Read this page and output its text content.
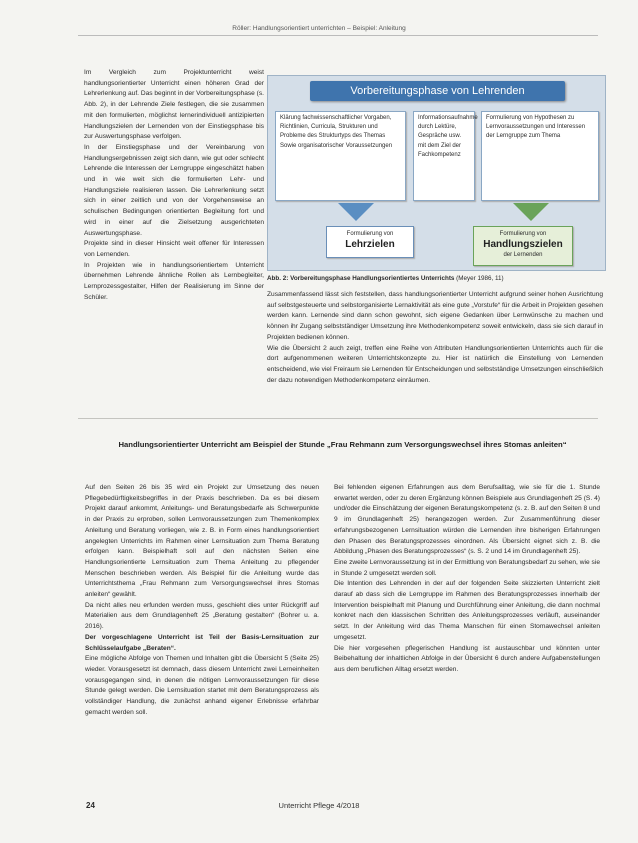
Röller: Handlungsorientiert unterrichten – Beispiel: Anleitung

Im Vergleich zum Projektunterricht weist handlungsorientierter Unterricht einen höheren Grad der Lehrerlenkung auf. Das beginnt in der Vorbereitungsphase (s. Abb. 2), in der Lehrende Ziele festlegen, die sie zusammen mit den formulierten, möglichst lernerindividuell antizipierten Handlungszielen der Lernenden von der Einstiegsphase bis zur Auswertungsphase verfolgen.

In der Einstiegsphase und der Vereinbarung von Handlungsergebnissen zeigt sich dann, wie gut oder schlecht Lehrende die Interessen der Lerngruppe eingeschätzt haben und in wie weit sich die formulierten Lehr- und Handlungsziele realisieren lassen. Die Lehrerlenkung setzt sich in einer zeitlich und von der Vorgehensweise an schulischen Bedingungen orientierten Begleitung fort und wird in einer auf die Zielsetzung ausgerichteten Auswertungsphase.

Projekte sind in dieser Hinsicht weit offener für Interessen von Lernenden.

In Projekten wie in handlungsorientiertem Unterricht übernehmen Lehrende ähnliche Rollen als Lernbegleiter, Lernprozessgestalter, Hilfen der Realisierung im Sinne der Schüler.

Vorbereitungsphase von Lehrenden
Klärung fachwissenschaftlicher Vorgaben, Richtlinien, Curricula, Strukturen und Probleme des Strukturtyps des Themas Sowie organisatorischer Voraussetzungen
Informationsaufnahme durch Lektüre, Gespräche usw. mit dem Ziel der Fachkompetenz
Formulierung von Hypothesen zu Lernvoraussetzungen und Interessen der Lerngruppe zum Thema
Formulierung von
Lehrzielen
Formulierung von
Handlungszielen
der Lernenden
Abb. 2: Vorbereitungsphase Handlungsorientiertes Unterrichts (Meyer 1986, 11)

Zusammenfassend lässt sich feststellen, dass handlungsorientierter Unterricht aufgrund seiner hohen Ausrichtung auf selbstgesteuerte und selbstorganisierte Lernaktivität als eine gute „Vorstufe“ für die Arbeit in Projekten gesehen werden kann. Lernende sind dann schon gewohnt, sich eigene Gedanken über Lernwünsche zu machen und können ihr Zugang selbstständiger Umsetzung ihre Methodenkompetenz soweit entwickeln, dass sie sich darauf in Projekten bedienen können.

Wie die Übersicht 2 auch zeigt, treffen eine Reihe von Attributen Handlungsorientierten Unterrichts auch für die dort aufgenommenen weiteren Unterrichtskonzepte zu. Hier ist natürlich die Einstellung von Lernenden entscheidend, wie viel Freiraum sie Lernenden für Entscheidungen und selbstständige Umsetzungen einschließlich der dazu notwendigen Methodenkompetenz einräumen.

Handlungsorientierter Unterricht am Beispiel der Stunde „Frau Rehmann zum Versorgungswechsel ihres Stomas anleiten“

Auf den Seiten 26 bis 35 wird ein Projekt zur Umsetzung des neuen Pflegebedürftigkeitsbegriffes in der Praxis beschrieben. Da es bei diesem Projekt darauf ankommt, Anleitungs- und Beratungsbedarfe als Schwerpunkte in der Praxis zu erproben, sollen Lernvoraussetzungen zum Themenkomplex Anleitung und Beratung vorliegen, wie z. B. in Form eines handlungsorientiert angelegten Unterrichts im Rahmen einer Lernsituation zum Thema Beratung erfolgen kann. Beispielhaft soll auf den nächsten Seiten eine Handlungsorientierte Lernsituation zum Thema Anleitung zu pflegender Menschen beschrieben werden. Als Beispiel für die Anleitung wurde das Unterrichtsthema „Frau Rehmann zum Versorgungswechsel ihres Stomas anleiten“ gewählt.

Da nicht alles neu erfunden werden muss, geschieht dies unter Rückgriff auf Materialien aus dem Grundlagenheft 25 „Beratung gestalten“ (Bohrer u. a. 2016).

Der vorgeschlagene Unterricht ist Teil der Basis-Lernsituation zur Schlüsselaufgabe „Beraten“.

Eine mögliche Abfolge von Themen und Inhalten gibt die Übersicht 5 (Seite 25) wieder. Vorausgesetzt ist demnach, dass diesem Unterricht zwei Lerneinheiten vorausgegangen sind, in denen die nötigen Lernvoraussetzungen für diese Stunde gelegt werden. Die Lernsituation startet mit dem Beratungsprozess als vollständiger Handlung, die zunächst anhand eigener Erlebnisse erfahrbar gemacht werden soll.

Bei fehlenden eigenen Erfahrungen aus dem Berufsalltag, wie sie für die 1. Stunde erwartet werden, oder zu deren Ergänzung können Beispiele aus Grundlagenheft 25 (S. 4) und/oder die Einschätzung der eigenen Beratungskompetenz (s. z. B. auf den Seiten 8 und 9 im Grundlagenheft 25) herangezogen werden. Zur Zusammenführung dieser erfahrungsbezogenen Lernsituation würden die Lernenden ihre bisherigen Erfahrungen den Phasen des Beratungsprozesses einordnen. Als Übersicht eignet sich z. B. die Abbildung „Phasen des Beratungsprozesses“ (s. S. 2 und 14 im Grundlagenheft 25).

Eine zweite Lernvoraussetzung ist in der Ermittlung von Beratungsbedarf zu sehen, wie sie in Stunde 2 umgesetzt werden soll.

Die Intention des Lehrenden in der auf der folgenden Seite skizzierten Unterricht zielt darauf ab dass sich die Lerngruppe im Rahmen des Beratungsprozesses innerhalb der Intervention beispielhaft mit Planung und Durchführung einer Anleitung, die dann nochmal konkret nach den klassischen Schritten des Anleitungsprozesses verläuft, auseinander setzt. In der Anleitung wird das Thema Manschen für einen Stomawechsel anleiten umgesetzt.

Die hier vorgesehen pflegerischen Handlung ist austauschbar und könnten unter Beibehaltung der inhaltlichen Abfolge in der Übersicht 6 durch andere Aufgabenstellungen aus dem beruflichen Alltag ersetzt werden.

24	Unterricht Pflege 4/2018
